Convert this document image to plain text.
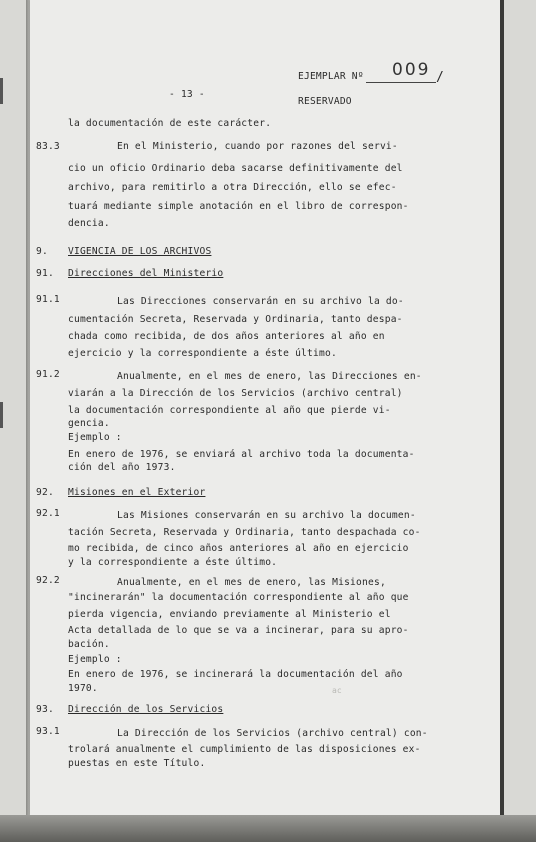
- 13 -
EJEMPLAR Nº 009 /
RESERVADO
la documentación de este carácter.
83.3	En el Ministerio, cuando por razones del servi-
cio un oficio Ordinario deba sacarse definitivamente del
archivo, para remitirlo a otra Dirección, ello se efec-
tuará mediante simple anotación en el libro de correspon-
dencia.
9. VIGENCIA DE LOS ARCHIVOS
91. Direcciones del Ministerio
91.1	Las Direcciones conservarán en su archivo la do-
cumentación Secreta, Reservada y Ordinaria, tanto despa-
chada como recibida, de dos años anteriores al año en
ejercicio y la correspondiente a éste último.
91.2	Anualmente, en el mes de enero, las Direcciones en-
viarán a la Dirección de los Servicios (archivo central)
la documentación correspondiente al año que pierde vi-
gencia.
Ejemplo :
En enero de 1976, se enviará al archivo toda la documenta-
ción del año 1973.
92. Misiones en el Exterior
92.1	Las Misiones conservarán en su archivo la documen-
tación Secreta, Reservada y Ordinaria, tanto despachada co-
mo recibida, de cinco años anteriores al año en ejercicio
y la correspondiente a éste último.
92.2	Anualmente, en el mes de enero, las Misiones,
"incinerarán" la documentación correspondiente al año que
pierda vigencia, enviando previamente al Ministerio el
Acta detallada de lo que se va a incinerar, para su apro-
bación.
Ejemplo :
En enero de 1976, se incinerará la documentación del año
1970.
93. Dirección de los Servicios
93.1	La Dirección de los Servicios (archivo central) con-
trolará anualmente el cumplimiento de las disposiciones ex-
puestas en este Título.
ac
